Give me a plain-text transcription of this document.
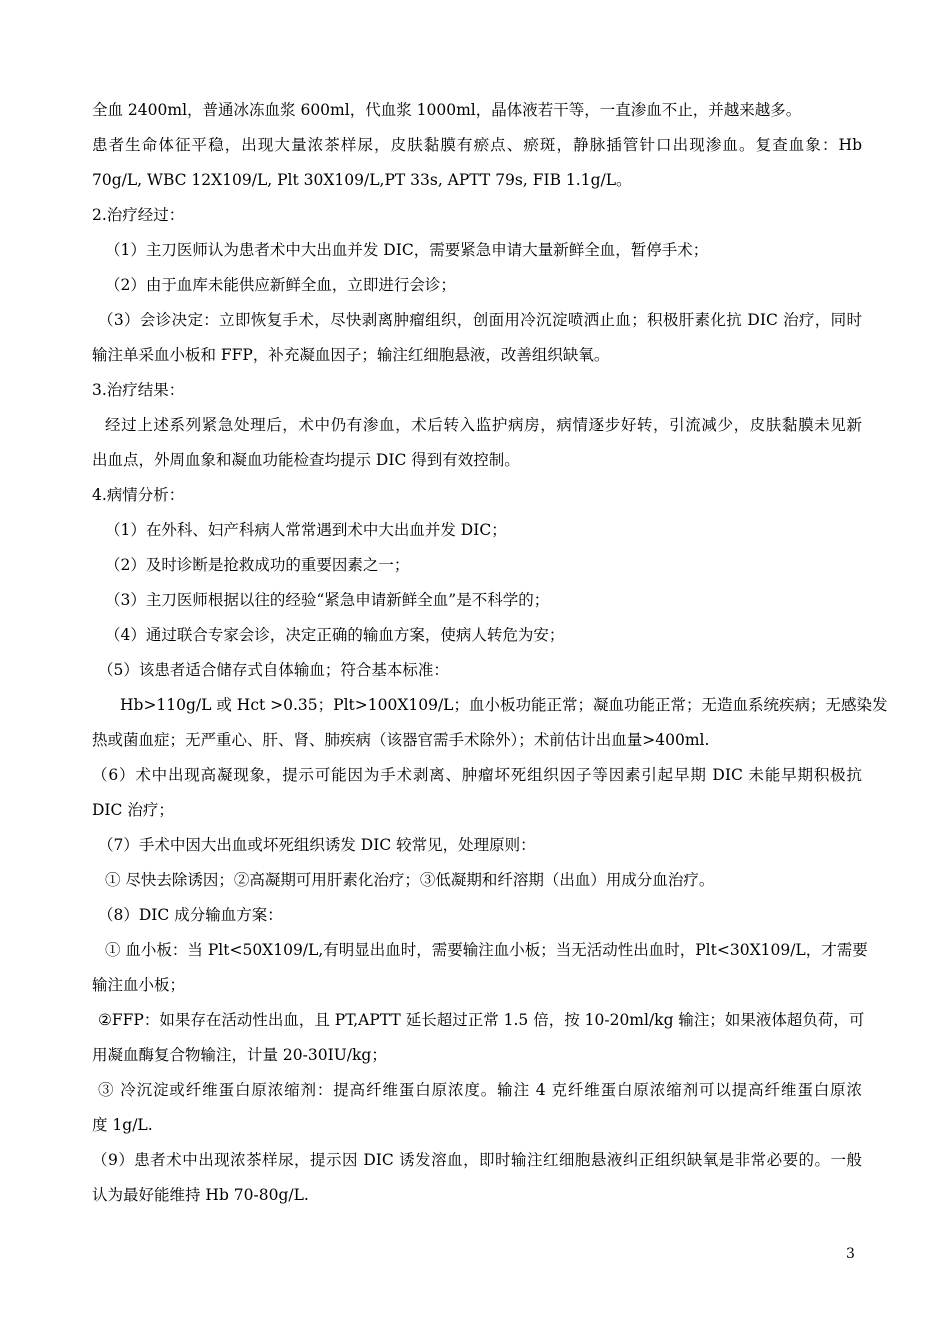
全血 2400ml，普通冰冻血浆 600ml，代血浆 1000ml，晶体液若干等，一直渗血不止，并越来越多。
患者生命体征平稳，出现大量浓茶样尿，皮肤黏膜有瘀点、瘀斑，静脉插管针口出现渗血。复查血象：Hb
70g/L, WBC 12X109/L, Plt 30X109/L,PT 33s, APTT 79s, FIB 1.1g/L。
2.治疗经过：
（1）主刀医师认为患者术中大出血并发 DIC，需要紧急申请大量新鲜全血，暂停手术；
（2）由于血库未能供应新鲜全血，立即进行会诊；
（3）会诊决定：立即恢复手术，尽快剥离肿瘤组织，创面用冷沉淀喷洒止血；积极肝素化抗 DIC 治疗，同时
输注单采血小板和 FFP，补充凝血因子；输注红细胞悬液，改善组织缺氧。
3.治疗结果：
经过上述系列紧急处理后，术中仍有渗血，术后转入监护病房，病情逐步好转，引流减少，皮肤黏膜未见新
出血点，外周血象和凝血功能检查均提示 DIC 得到有效控制。
4.病情分析：
（1）在外科、妇产科病人常常遇到术中大出血并发 DIC；
（2）及时诊断是抢救成功的重要因素之一；
（3）主刀医师根据以往的经验“紧急申请新鲜全血”是不科学的；
（4）通过联合专家会诊，决定正确的输血方案，使病人转危为安；
（5）该患者适合储存式自体输血；符合基本标准：
Hb>110g/L 或 Hct >0.35；Plt>100X109/L；血小板功能正常；凝血功能正常；无造血系统疾病；无感染发
热或菌血症；无严重心、肝、肾、肺疾病（该器官需手术除外）；术前估计出血量>400ml.
（6）术中出现高凝现象，提示可能因为手术剥离、肿瘤坏死组织因子等因素引起早期 DIC 未能早期积极抗
DIC 治疗；
（7）手术中因大出血或坏死组织诱发 DIC 较常见，处理原则：
① 尽快去除诱因；②高凝期可用肝素化治疗；③低凝期和纤溶期（出血）用成分血治疗。
（8）DIC 成分输血方案：
① 血小板：当 Plt<50X109/L,有明显出血时，需要输注血小板；当无活动性出血时，Plt<30X109/L，才需要
输注血小板；
②FFP：如果存在活动性出血，且 PT,APTT 延长超过正常 1.5 倍，按 10-20ml/kg 输注；如果液体超负荷，可
用凝血酶复合物输注，计量 20-30IU/kg；
③ 冷沉淀或纤维蛋白原浓缩剂：提高纤维蛋白原浓度。输注 4 克纤维蛋白原浓缩剂可以提高纤维蛋白原浓
度 1g/L.
（9）患者术中出现浓茶样尿，提示因 DIC 诱发溶血，即时输注红细胞悬液纠正组织缺氧是非常必要的。一般
认为最好能维持 Hb 70-80g/L.
3
